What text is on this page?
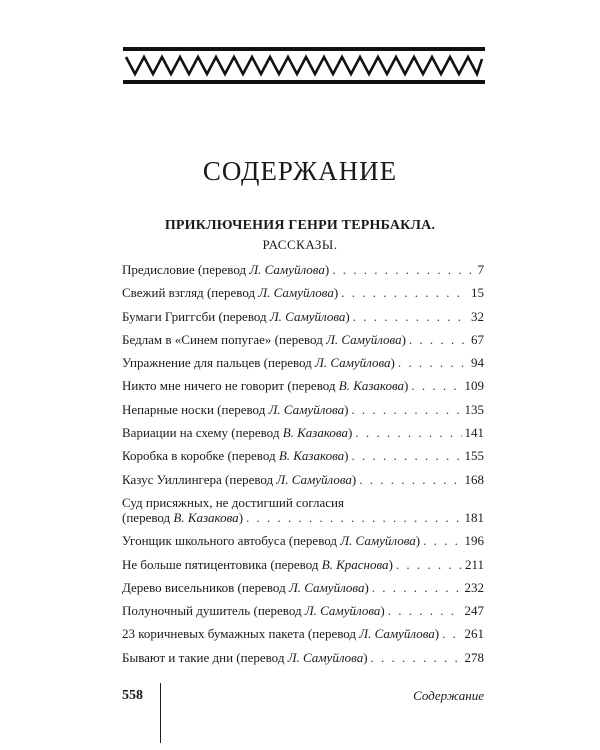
СОДЕРЖАНИЕ
ПРИКЛЮЧЕНИЯ ГЕНРИ ТЕРНБАКЛА.
РАССКАЗЫ.
Предисловие (перевод Л. Самуйлова) . . .	7
Свежий взгляд (перевод Л. Самуйлова) . . .	15
Бумаги Григгсби (перевод Л. Самуйлова) . . .	32
Бедлам в «Синем попугае» (перевод Л. Самуйлова) . . .	67
Упражнение для пальцев (перевод Л. Самуйлова) . . .	94
Никто мне ничего не говорит (перевод В. Казакова) . . .	109
Непарные носки (перевод Л. Самуйлова) . . .	135
Вариации на схему (перевод В. Казакова) . . .	141
Коробка в коробке (перевод В. Казакова) . . .	155
Казус Уиллингера (перевод Л. Самуйлова) . . .	168
Суд присяжных, не достигший согласия
(перевод В. Казакова) . . .	181
Угонщик школьного автобуса (перевод Л. Самуйлова) . . .	196
Не больше пятицентовика (перевод В. Краснова) . . .	211
Дерево висельников (перевод Л. Самуйлова) . . .	232
Полуночный душитель (перевод Л. Самуйлова) . . .	247
23 коричневых бумажных пакета (перевод Л. Самуйлова) . . . 261
Бывают и такие дни (перевод Л. Самуйлова) . . .	278
558	Содержание
